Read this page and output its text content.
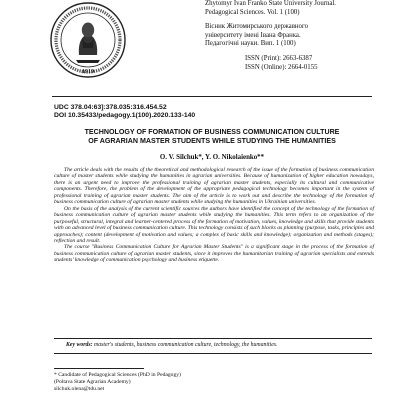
1919

Zhytomyr Ivan Franko State University Journal.

Pedagogical Sciences. Vol. 1 (100)

Вісник Житомирського державного

університету імені Івана Франка.

Педагогічні науки. Вип. 1 (100)

ISSN (Print): 2663-6387

ISSN (Online): 2664-0155

UDC 378.04:63]:378.035:316.454.52

DOI 10.35433/pedagogy.1(100).2020.133-140

TECHNOLOGY OF FORMATION OF BUSINESS COMMUNICATION CULTURE
OF AGRARIAN MASTER STUDENTS WHILE STUDYING THE HUMANITIES

O. V. Silchuk*, Y. O. Nikolaienko**

The article deals with the results of the theoretical and methodological research of the issue of the formation of business communication culture of master students while studying the humanities in agrarian universities. Because of humanization of higher education nowadays, there is an urgent need to improve the professional training of agrarian master students, especially its cultural and communicative components. Therefore, the problem of the development of the appropriate pedagogical technology becomes important in the system of professional training of agrarian master students. The aim of the article is to work out and describe the technology of the formation of business communication culture of agrarian master students while studying the humanities in Ukrainian universities.

On the basis of the analysis of the current scientific sources the authors have identified the concept of the technology of the formation of business communication culture of agrarian master students while studying the humanities. This term refers to an organization of the purposeful, structural, integral and learner-centered process of the formation of motivation, values, knowledge and skills that provide students with an advanced level of business communication culture. This technology consists of such blocks as planning (purpose, tasks, principles and approaches); content (development of motivation and values; a complex of basic skills and knowledge); organization and methods (stages); reflection and result.

The course "Business Communication Culture for Agrarian Master Students" is a significant stage in the process of the formation of business communication culture of agrarian master students, since it improves the humanitarian training of agrarian specialists and extends students' knowledge of communication psychology and business etiquette.

Key words: master's students, business communication culture, technology, the humanities.

* Candidate of Pedagogical Sciences (PhD in Pedagogy)

(Poltava State Agrarian Academy)

silchuk.olena@tdu.net
